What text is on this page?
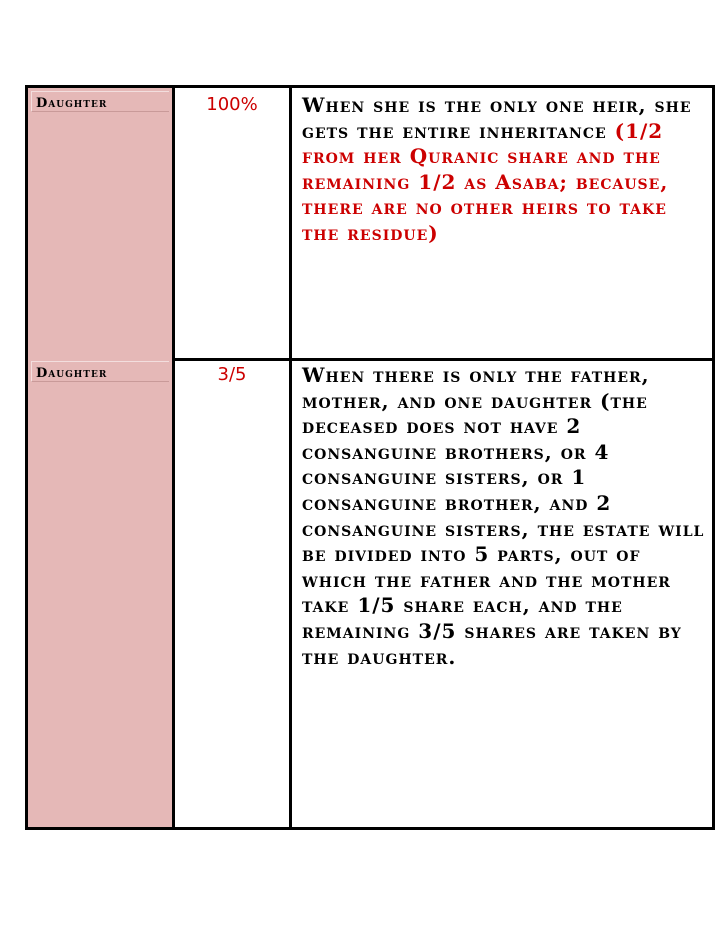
Daughter	100%	When she is the only one heir, she gets the entire inheritance (1/2 from her Quranic share and the remaining 1/2 as Asaba; because, there are no other heirs to take the residue)
Daughter	3/5	When there is only the father, mother, and one daughter (the deceased does not have 2 consanguine brothers, or 4 consanguine sisters, or 1 consanguine brother, and 2 consanguine sisters, the estate will be divided into 5 parts, out of which the father and the mother take 1/5 share each, and the remaining 3/5 shares are taken by the daughter.
